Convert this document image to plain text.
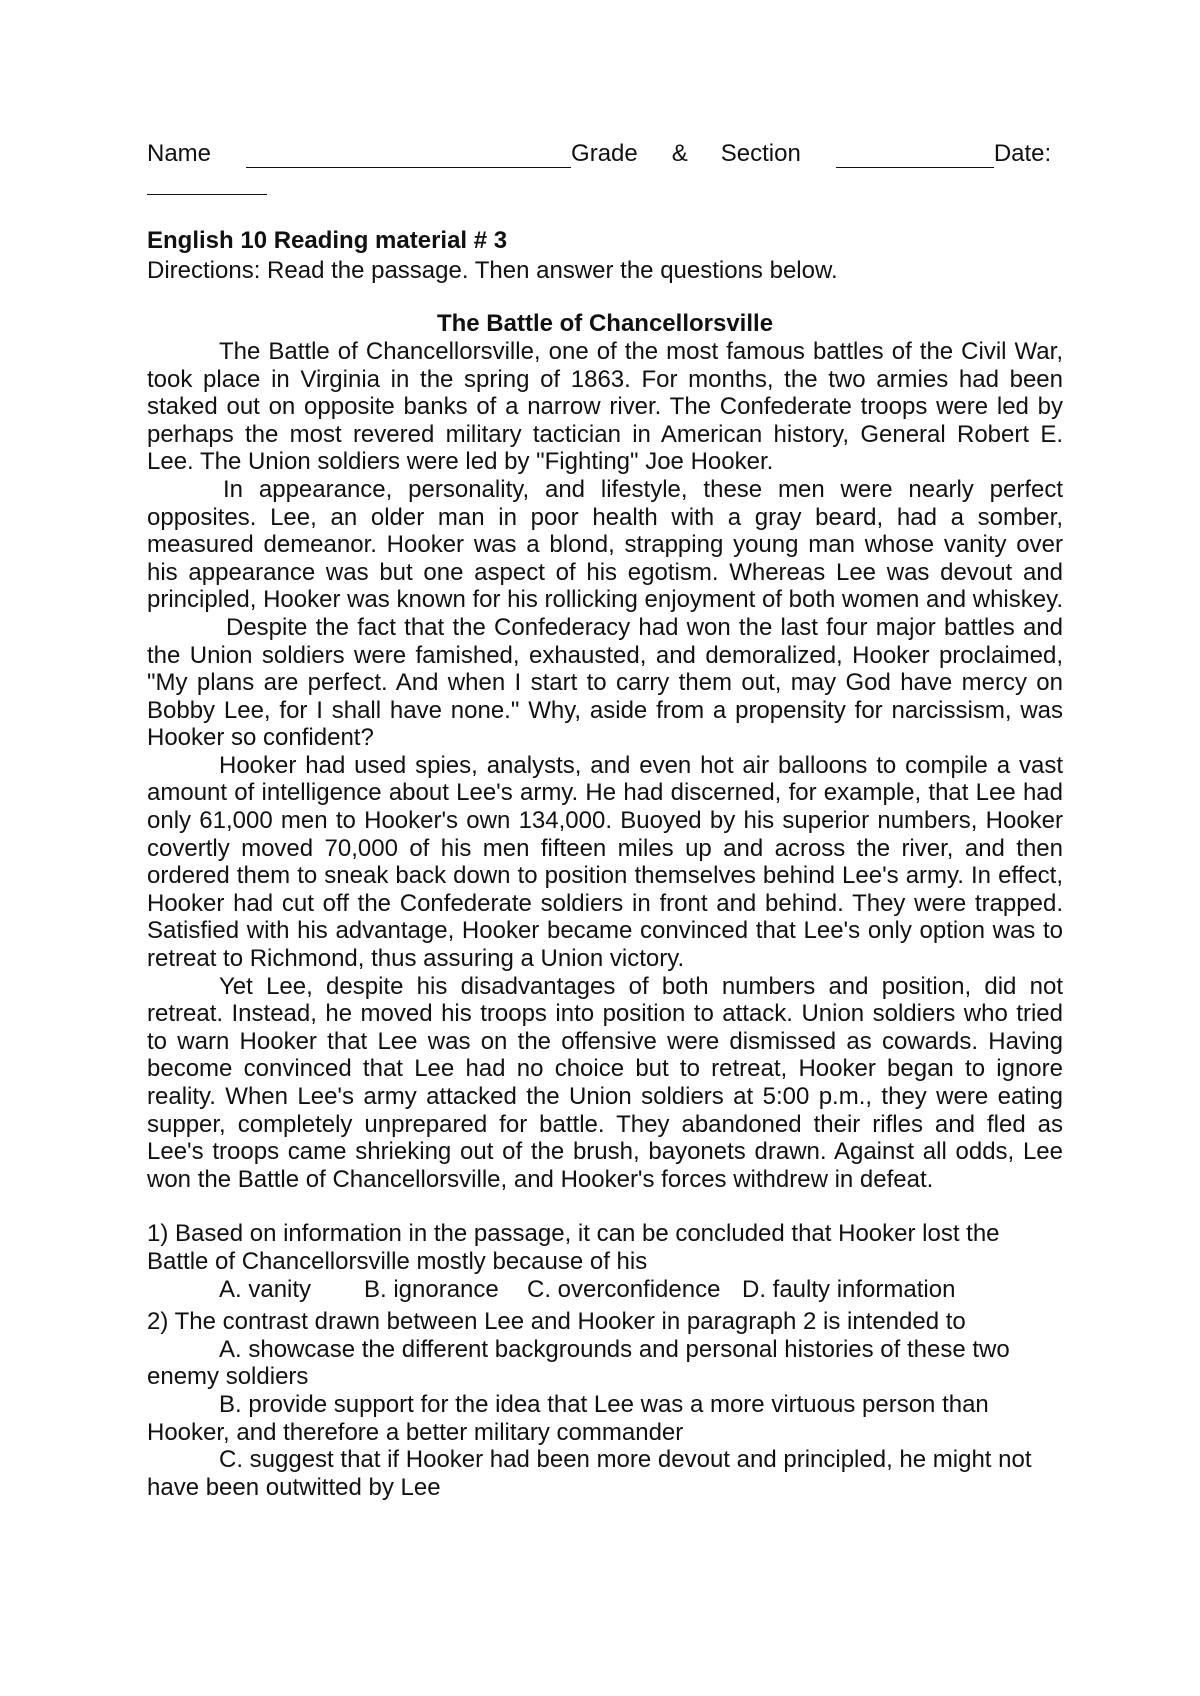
Name	Grade & Section	Date:
English 10 Reading material # 3
Directions: Read the passage. Then answer the questions below.
The Battle of Chancellorsville

The Battle of Chancellorsville, one of the most famous battles of the Civil War, took place in Virginia in the spring of 1863. For months, the two armies had been staked out on opposite banks of a narrow river. The Confederate troops were led by perhaps the most revered military tactician in American history, General Robert E. Lee. The Union soldiers were led by "Fighting" Joe Hooker.

In appearance, personality, and lifestyle, these men were nearly perfect opposites. Lee, an older man in poor health with a gray beard, had a somber, measured demeanor. Hooker was a blond, strapping young man whose vanity over his appearance was but one aspect of his egotism. Whereas Lee was devout and principled, Hooker was known for his rollicking enjoyment of both women and whiskey.

Despite the fact that the Confederacy had won the last four major battles and the Union soldiers were famished, exhausted, and demoralized, Hooker proclaimed, "My plans are perfect. And when I start to carry them out, may God have mercy on Bobby Lee, for I shall have none." Why, aside from a propensity for narcissism, was Hooker so confident?

Hooker had used spies, analysts, and even hot air balloons to compile a vast amount of intelligence about Lee's army. He had discerned, for example, that Lee had only 61,000 men to Hooker's own 134,000. Buoyed by his superior numbers, Hooker covertly moved 70,000 of his men fifteen miles up and across the river, and then ordered them to sneak back down to position themselves behind Lee's army. In effect, Hooker had cut off the Confederate soldiers in front and behind. They were trapped. Satisfied with his advantage, Hooker became convinced that Lee's only option was to retreat to Richmond, thus assuring a Union victory.

Yet Lee, despite his disadvantages of both numbers and position, did not retreat. Instead, he moved his troops into position to attack. Union soldiers who tried to warn Hooker that Lee was on the offensive were dismissed as cowards. Having become convinced that Lee had no choice but to retreat, Hooker began to ignore reality. When Lee's army attacked the Union soldiers at 5:00 p.m., they were eating supper, completely unprepared for battle. They abandoned their rifles and fled as Lee's troops came shrieking out of the brush, bayonets drawn. Against all odds, Lee won the Battle of Chancellorsville, and Hooker's forces withdrew in defeat.

1) Based on information in the passage, it can be concluded that Hooker lost the Battle of Chancellorsville mostly because of his

A. vanity	B. ignorance	C. overconfidence D. faulty information

2) The contrast drawn between Lee and Hooker in paragraph 2 is intended to

A. showcase the different backgrounds and personal histories of these two enemy soldiers

B. provide support for the idea that Lee was a more virtuous person than Hooker, and therefore a better military commander

C. suggest that if Hooker had been more devout and principled, he might not have been outwitted by Lee
